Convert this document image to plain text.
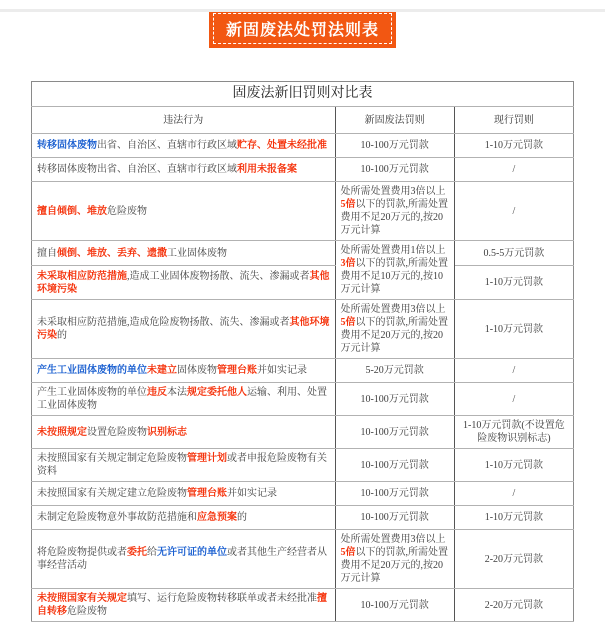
新固废法处罚法则表
固废法新旧罚则对比表		
违法行为	新固废法罚则	现行罚则
转移固体废物出省、自治区、直辖市行政区域贮存、处置未经批准	10-100万元罚款	1-10万元罚款
转移固体废物出省、自治区、直辖市行政区域利用未报备案	10-100万元罚款	/
擅自倾倒、堆放危险废物	处所需处置费用3倍以上5倍以下的罚款,所需处置费用不足20万元的,按20万元计算	/
擅自倾倒、堆放、丢弃、遗撒工业固体废物	处所需处置费用1倍以上3倍以下的罚款,所需处置费用不足10万元的,按10万元计算	0.5-5万元罚款
未采取相应防范措施,造成工业固体废物扬散、流失、渗漏或者其他环境污染		1-10万元罚款
未采取相应防范措施,造成危险废物扬散、流失、渗漏或者其他环境污染的	处所需处置费用3倍以上5倍以下的罚款,所需处置费用不足20万元的,按20万元计算	1-10万元罚款
产生工业固体废物的单位未建立固体废物管理台账并如实记录	5-20万元罚款	/
产生工业固体废物的单位违反本法规定委托他人运输、利用、处置工业固体废物	10-100万元罚款	/
未按照规定设置危险废物识别标志	10-100万元罚款	1-10万元罚款(不设置危险废物识别标志)
未按照国家有关规定制定危险废物管理计划或者申报危险废物有关资料	10-100万元罚款	1-10万元罚款
未按照国家有关规定建立危险废物管理台账并如实记录	10-100万元罚款	/
未制定危险废物意外事故防范措施和应急预案的	10-100万元罚款	1-10万元罚款
将危险废物提供或者委托给无许可证的单位或者其他生产经营者从事经营活动	处所需处置费用3倍以上5倍以下的罚款,所需处置费用不足20万元的,按20万元计算	2-20万元罚款
未按照国家有关规定填写、运行危险废物转移联单或者未经批准擅自转移危险废物	10-100万元罚款	2-20万元罚款
